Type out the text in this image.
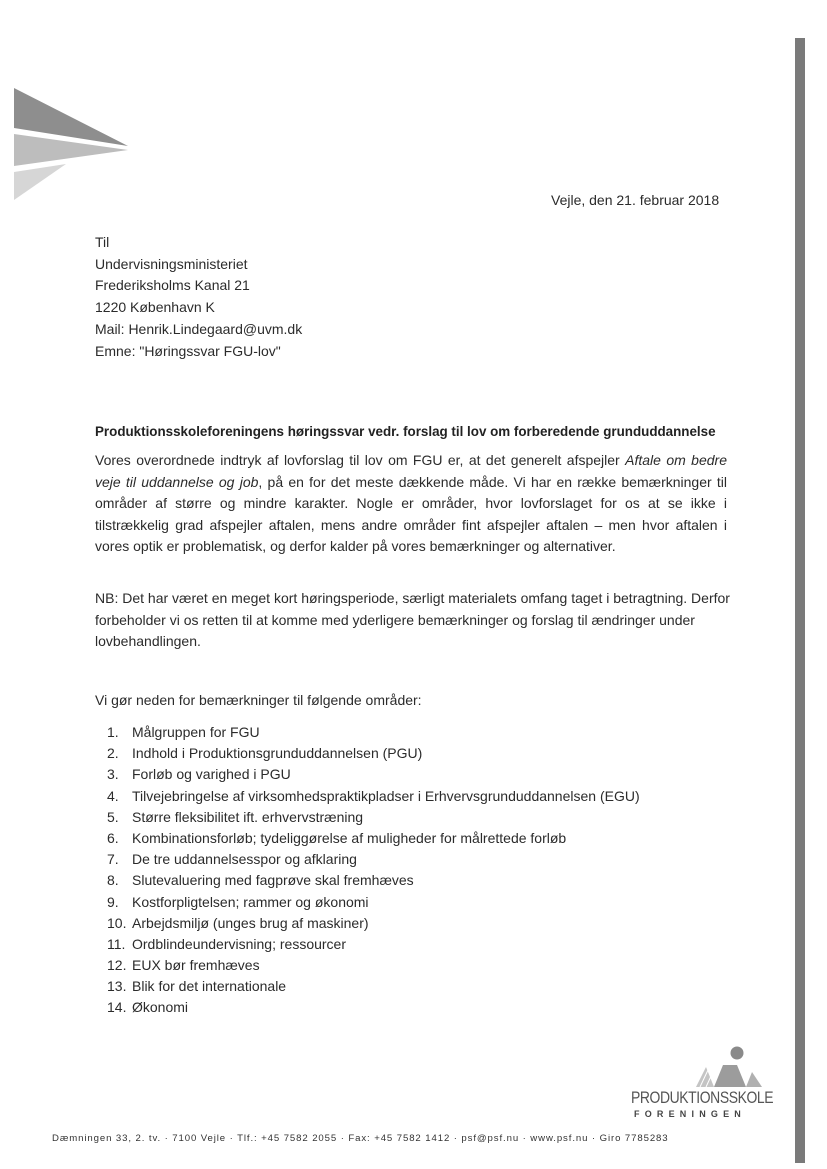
Vejle, den 21. februar 2018
Til
Undervisningsministeriet
Frederiksholms Kanal 21
1220 København K
Mail: Henrik.Lindegaard@uvm.dk
Emne: "Høringssvar FGU-lov"
Produktionsskoleforeningens høringssvar vedr. forslag til lov om forberedende grunduddannelse

Vores overordnede indtryk af lovforslag til lov om FGU er, at det generelt afspejler Aftale om bedre veje til uddannelse og job, på en for det meste dækkende måde. Vi har en række bemærkninger til områder af større og mindre karakter. Nogle er områder, hvor lovforslaget for os at se ikke i tilstrækkelig grad afspejler aftalen, mens andre områder fint afspejler aftalen – men hvor aftalen i vores optik er problematisk, og derfor kalder på vores bemærkninger og alternativer.

NB: Det har været en meget kort høringsperiode, særligt materialets omfang taget i betragtning. Derfor forbeholder vi os retten til at komme med yderligere bemærkninger og forslag til ændringer under lovbehandlingen.

Vi gør neden for bemærkninger til følgende områder:
1. Målgruppen for FGU
2. Indhold i Produktionsgrunduddannelsen (PGU)
3. Forløb og varighed i PGU
4. Tilvejebringelse af virksomhedspraktikpladser i Erhvervsgrunduddannelsen (EGU)
5. Større fleksibilitet ift. erhvervstræning
6. Kombinationsforløb; tydeliggørelse af muligheder for målrettede forløb
7. De tre uddannelsesspor og afklaring
8. Slutevaluering med fagprøve skal fremhæves
9. Kostforpligtelsen; rammer og økonomi
10. Arbejdsmiljø (unges brug af maskiner)
11. Ordblindeundervisning; ressourcer
12. EUX bør fremhæves
13. Blik for det internationale
14. Økonomi
PRODUKTIONSSKOLE
FORENINGEN
Dæmningen 33, 2. tv. · 7100 Vejle · Tlf.: +45 7582 2055 · Fax: +45 7582 1412 · psf@psf.nu · www.psf.nu · Giro 7785283
